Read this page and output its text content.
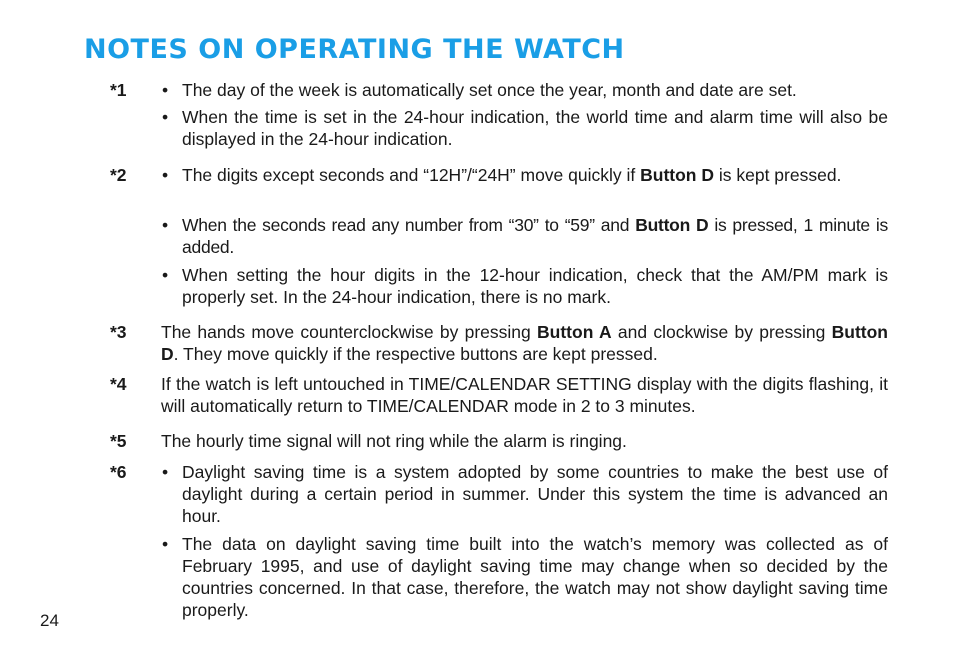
NOTES ON OPERATING THE WATCH
*1 • The day of the week is automatically set once the year, month and date are set.
• When the time is set in the 24-hour indication, the world time and alarm time will also be displayed in the 24-hour indication.
*2 • The digits except seconds and “12H”/“24H” move quickly if Button D is kept pressed.
• When the seconds read any number from “30” to “59” and Button D is pressed, 1 minute is added.
• When setting the hour digits in the 12-hour indication, check that the AM/PM mark is properly set. In the 24-hour indication, there is no mark.
*3 The hands move counterclockwise by pressing Button A and clockwise by pressing Button D. They move quickly if the respective buttons are kept pressed.
*4 If the watch is left untouched in TIME/CALENDAR SETTING display with the digits flashing, it will automatically return to TIME/CALENDAR mode in 2 to 3 minutes.
*5 The hourly time signal will not ring while the alarm is ringing.
*6 • Daylight saving time is a system adopted by some countries to make the best use of daylight during a certain period in summer. Under this system the time is advanced an hour.
• The data on daylight saving time built into the watch’s memory was collected as of February 1995, and use of daylight saving time may change when so decided by the countries concerned. In that case, therefore, the watch may not show daylight saving time properly.
24
